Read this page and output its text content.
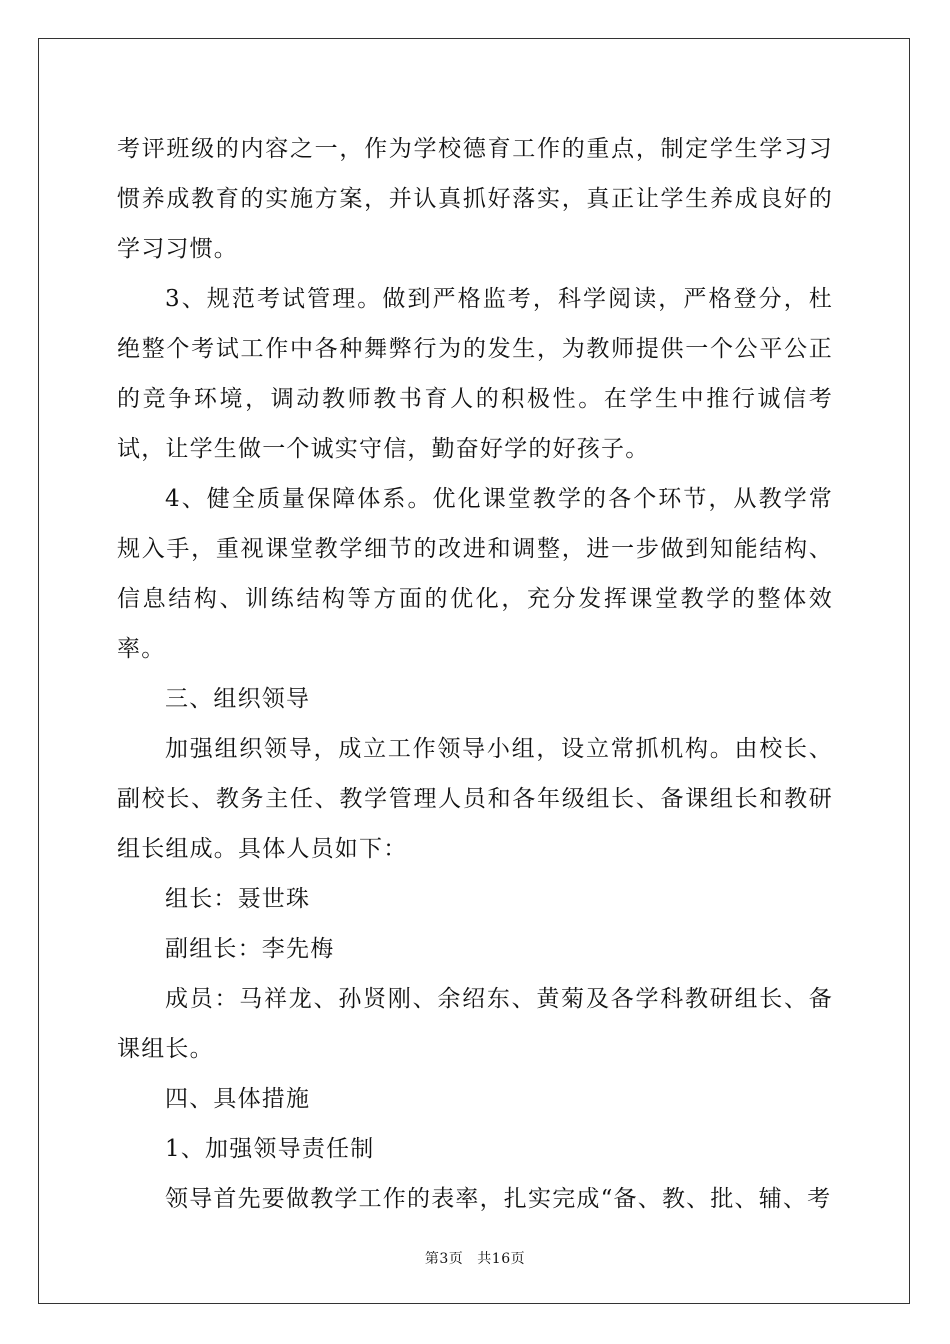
考评班级的内容之一，作为学校德育工作的重点，制定学生学习习惯养成教育的实施方案，并认真抓好落实，真正让学生养成良好的学习习惯。

3、规范考试管理。做到严格监考，科学阅读，严格登分，杜绝整个考试工作中各种舞弊行为的发生，为教师提供一个公平公正的竞争环境，调动教师教书育人的积极性。在学生中推行诚信考试，让学生做一个诚实守信，勤奋好学的好孩子。

4、健全质量保障体系。优化课堂教学的各个环节，从教学常规入手，重视课堂教学细节的改进和调整，进一步做到知能结构、信息结构、训练结构等方面的优化，充分发挥课堂教学的整体效率。

三、组织领导

加强组织领导，成立工作领导小组，设立常抓机构。由校长、副校长、教务主任、教学管理人员和各年级组长、备课组长和教研组长组成。具体人员如下：

组长：聂世珠

副组长：李先梅

成员：马祥龙、孙贤刚、余绍东、黄菊及各学科教研组长、备课组长。

四、具体措施

1、加强领导责任制

领导首先要做教学工作的表率，扎实完成“备、教、批、辅、考

第3页 共16页
